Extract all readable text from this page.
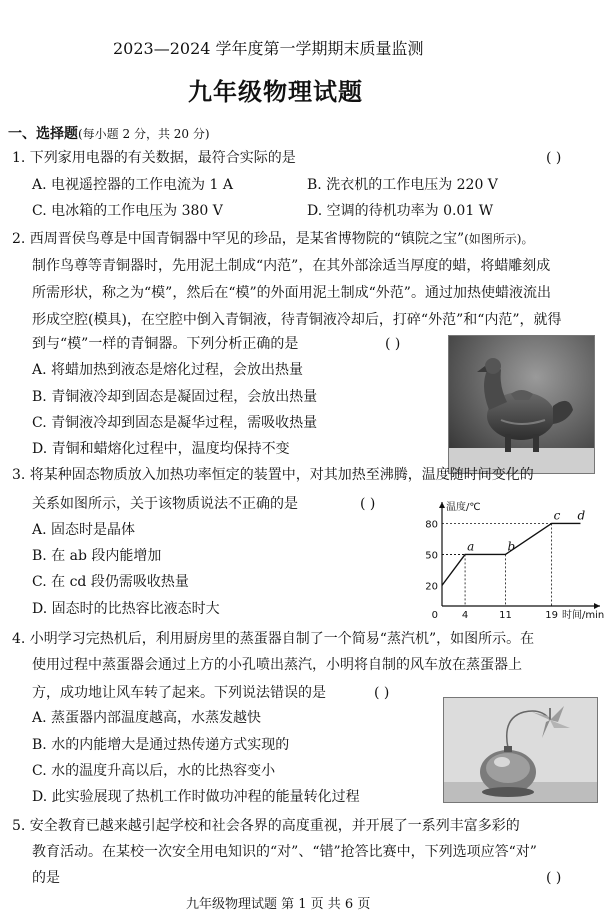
2023—2024 学年度第一学期期末质量监测
九年级物理试题
一、选择题(每小题 2 分，共 20 分)
1. 下列家用电器的有关数据，最符合实际的是	( )
A. 电视遥控器的工作电流为 1 A	B. 洗衣机的工作电压为 220 V
C. 电冰箱的工作电压为 380 V	D. 空调的待机功率为 0.01 W
2. 西周晋侯鸟尊是中国青铜器中罕见的珍品，是某省博物院的“镇院之宝”(如图所示)。
制作鸟尊等青铜器时，先用泥土制成“内范”，在其外部涂适当厚度的蜡，将蜡雕刻成
所需形状，称之为“模”，然后在“模”的外面用泥土制成“外范”。通过加热使蜡液流出
形成空腔(模具)，在空腔中倒入青铜液，待青铜液冷却后，打碎“外范”和“内范”，就得
到与“模”一样的青铜器。下列分析正确的是	( )
A. 将蜡加热到液态是熔化过程，会放出热量
B. 青铜液冷却到固态是凝固过程，会放出热量
C. 青铜液冷却到固态是凝华过程，需吸收热量
D. 青铜和蜡熔化过程中，温度均保持不变
3. 将某种固态物质放入加热功率恒定的装置中，对其加热至沸腾，温度随时间变化的
关系如图所示，关于该物质说法不正确的是	( )
A. 固态时是晶体
B. 在 ab 段内能增加
C. 在 cd 段仍需吸收热量
D. 固态时的比热容比液态时大
温度/℃
时间/min
20
50
80
0 4	11	19
a	b
c d
4. 小明学习完热机后，利用厨房里的蒸蛋器自制了一个简易“蒸汽机”，如图所示。在
使用过程中蒸蛋器会通过上方的小孔喷出蒸汽，小明将自制的风车放在蒸蛋器上
方，成功地让风车转了起来。下列说法错误的是	( )
A. 蒸蛋器内部温度越高，水蒸发越快
B. 水的内能增大是通过热传递方式实现的
C. 水的温度升高以后，水的比热容变小
D. 此实验展现了热机工作时做功冲程的能量转化过程
5. 安全教育已越来越引起学校和社会各界的高度重视，并开展了一系列丰富多彩的
教育活动。在某校一次安全用电知识的“对”、“错”抢答比赛中，下列选项应答“对”
的是	( )
九年级物理试题 第 1 页 共 6 页
